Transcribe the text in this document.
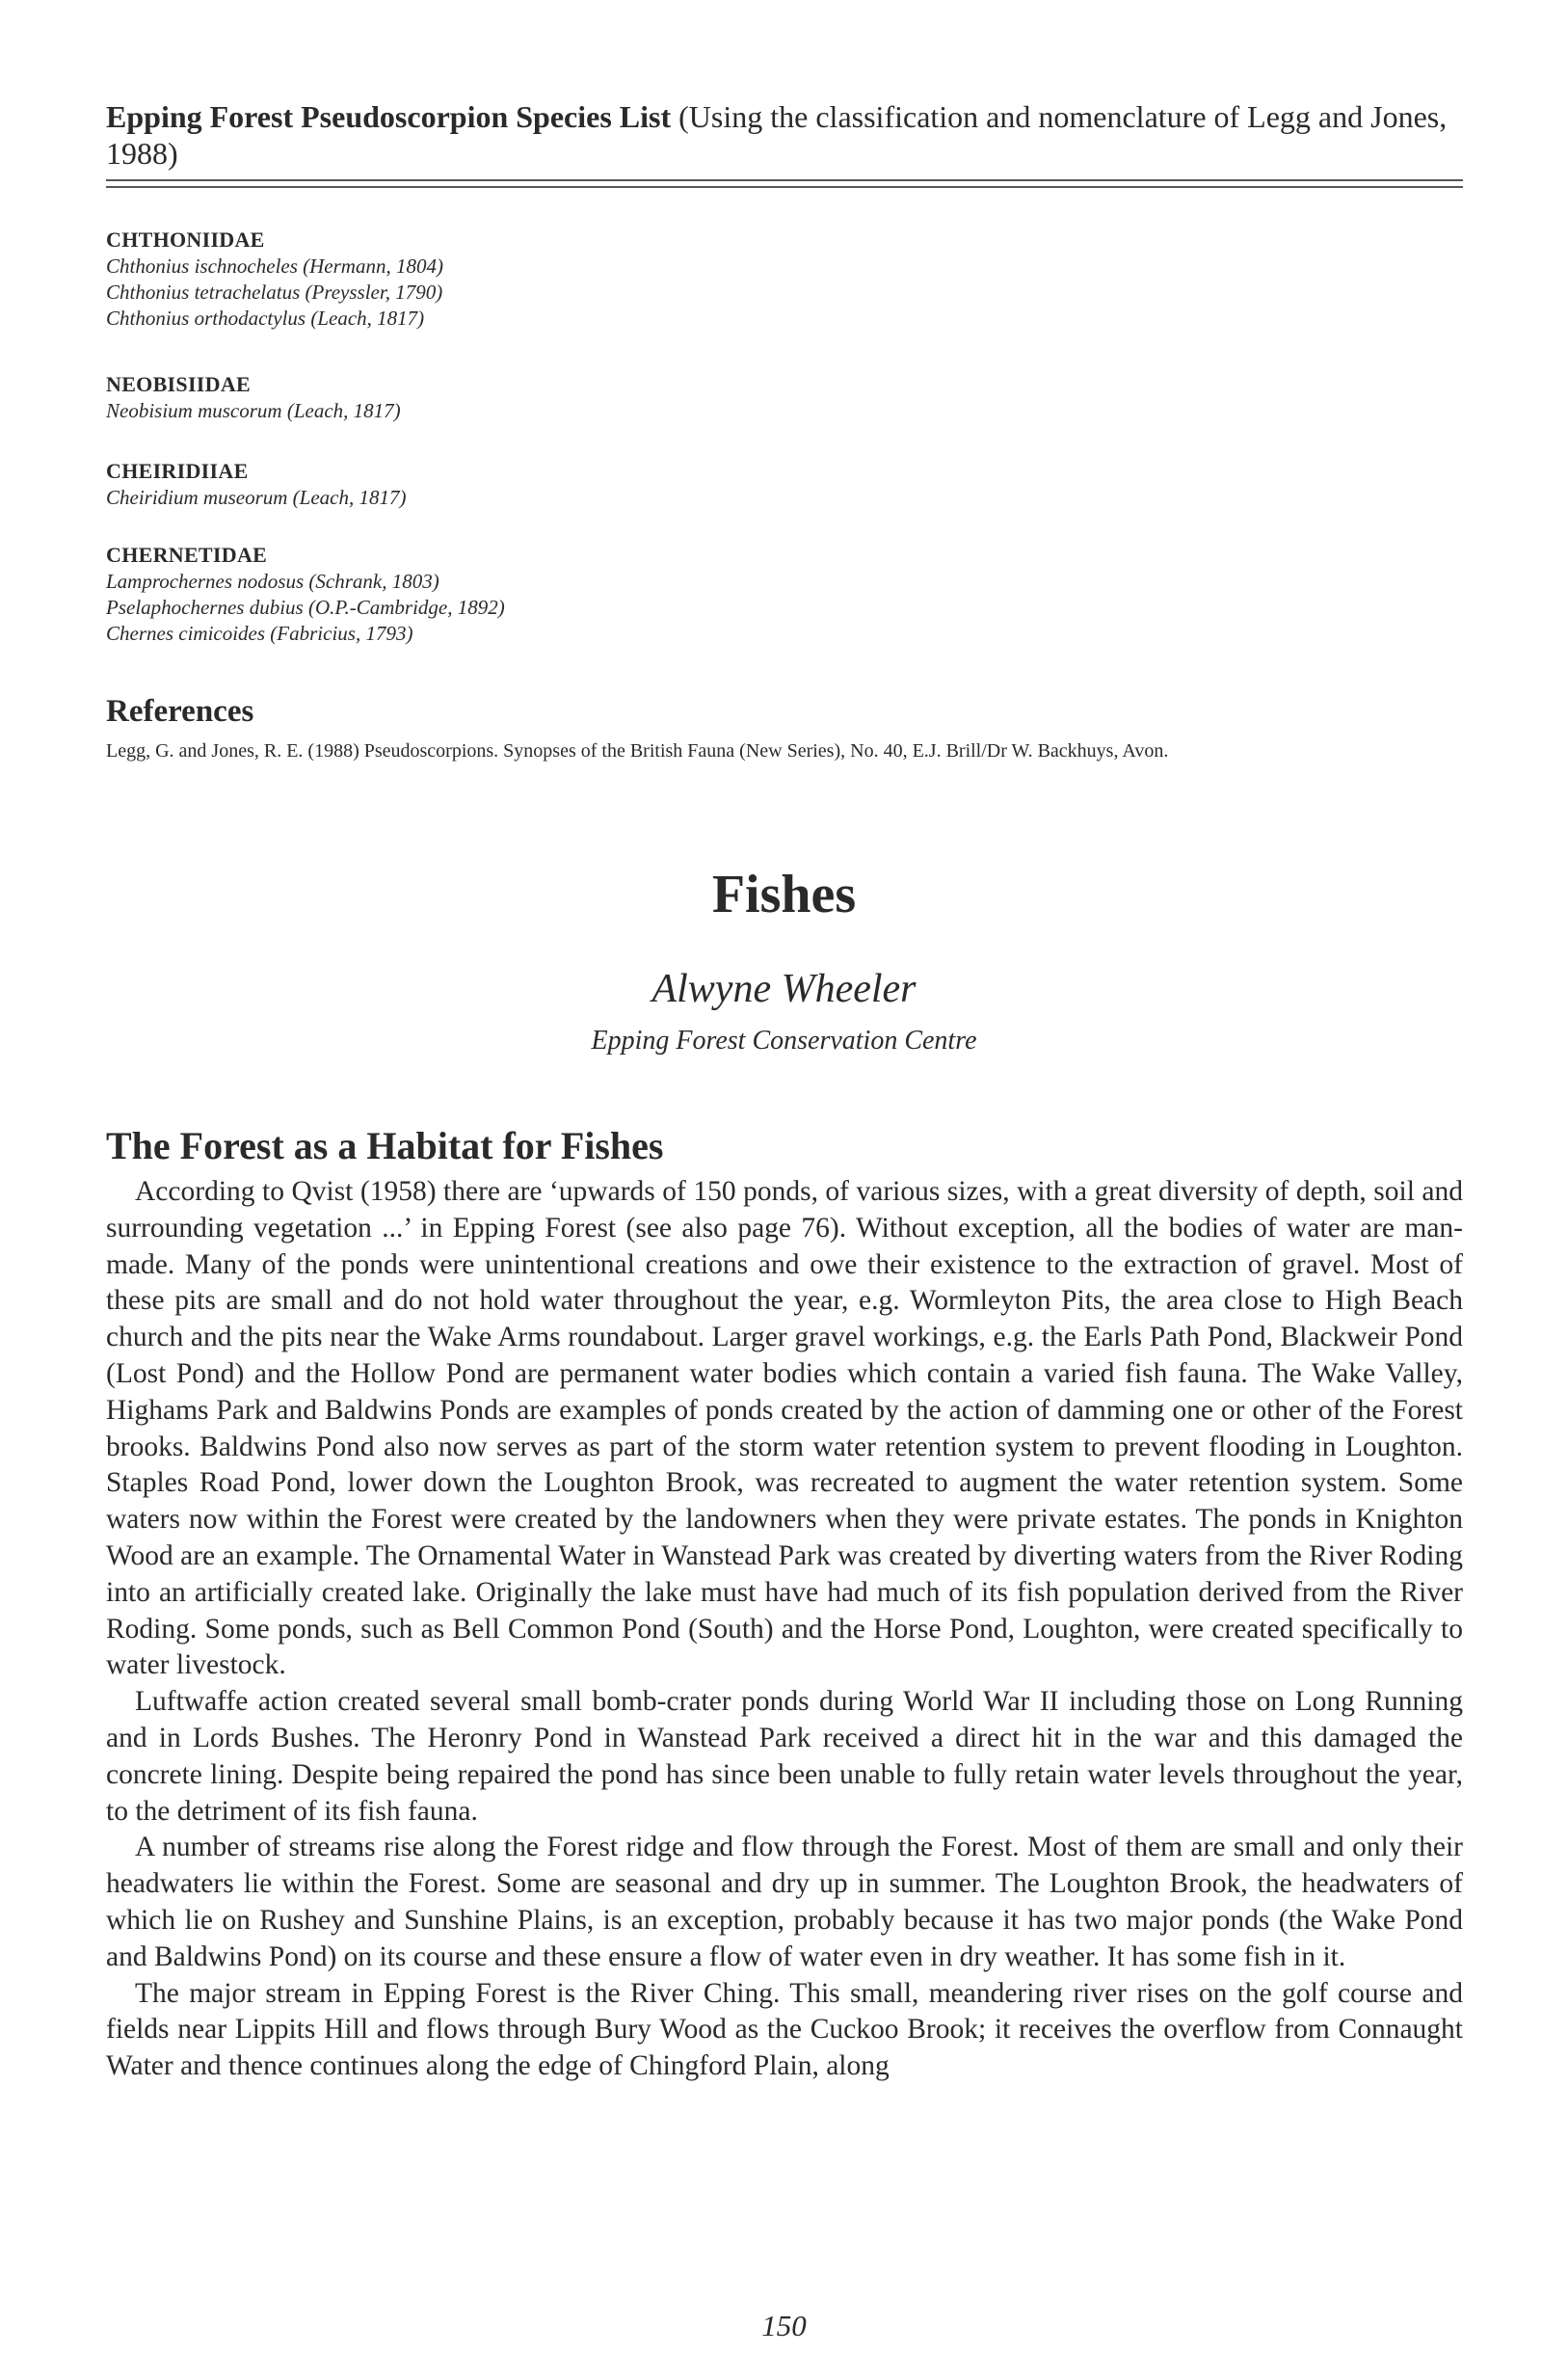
Epping Forest Pseudoscorpion Species List (Using the classification and nomenclature of Legg and Jones, 1988)

CHTHONIIDAE

Chthonius ischnocheles (Hermann, 1804)

Chthonius tetrachelatus (Preyssler, 1790)

Chthonius orthodactylus (Leach, 1817)

NEOBISIIDAE

Neobisium muscorum (Leach, 1817)

CHEIRIDIIAE

Cheiridium museorum (Leach, 1817)

CHERNETIDAE

Lamprochernes nodosus (Schrank, 1803)

Pselaphochernes dubius (O.P.-Cambridge, 1892)

Chernes cimicoides (Fabricius, 1793)

References

Legg, G. and Jones, R. E. (1988) Pseudoscorpions. Synopses of the British Fauna (New Series), No. 40, E.J. Brill/Dr W. Backhuys, Avon.

Fishes

Alwyne Wheeler

Epping Forest Conservation Centre

The Forest as a Habitat for Fishes

According to Qvist (1958) there are ‘upwards of 150 ponds, of various sizes, with a great diversity of depth, soil and surrounding vegetation ...’ in Epping Forest (see also page 76). Without exception, all the bodies of water are man-made. Many of the ponds were unintentional creations and owe their existence to the extraction of gravel. Most of these pits are small and do not hold water throughout the year, e.g. Wormleyton Pits, the area close to High Beach church and the pits near the Wake Arms roundabout. Larger gravel workings, e.g. the Earls Path Pond, Blackweir Pond (Lost Pond) and the Hollow Pond are permanent water bodies which contain a varied fish fauna. The Wake Valley, Highams Park and Baldwins Ponds are examples of ponds created by the action of damming one or other of the Forest brooks. Baldwins Pond also now serves as part of the storm water retention system to prevent flooding in Loughton. Staples Road Pond, lower down the Loughton Brook, was recreated to augment the water retention system. Some waters now within the Forest were created by the landowners when they were private estates. The ponds in Knighton Wood are an example. The Ornamental Water in Wanstead Park was created by diverting waters from the River Roding into an artificially created lake. Originally the lake must have had much of its fish population derived from the River Roding. Some ponds, such as Bell Common Pond (South) and the Horse Pond, Loughton, were created specifically to water livestock.

Luftwaffe action created several small bomb-crater ponds during World War II including those on Long Running and in Lords Bushes. The Heronry Pond in Wanstead Park received a direct hit in the war and this damaged the concrete lining. Despite being repaired the pond has since been unable to fully retain water levels throughout the year, to the detriment of its fish fauna.

A number of streams rise along the Forest ridge and flow through the Forest. Most of them are small and only their headwaters lie within the Forest. Some are seasonal and dry up in summer. The Loughton Brook, the headwaters of which lie on Rushey and Sunshine Plains, is an exception, probably because it has two major ponds (the Wake Pond and Baldwins Pond) on its course and these ensure a flow of water even in dry weather. It has some fish in it.

The major stream in Epping Forest is the River Ching. This small, meandering river rises on the golf course and fields near Lippits Hill and flows through Bury Wood as the Cuckoo Brook; it receives the overflow from Connaught Water and thence continues along the edge of Chingford Plain, along

150
